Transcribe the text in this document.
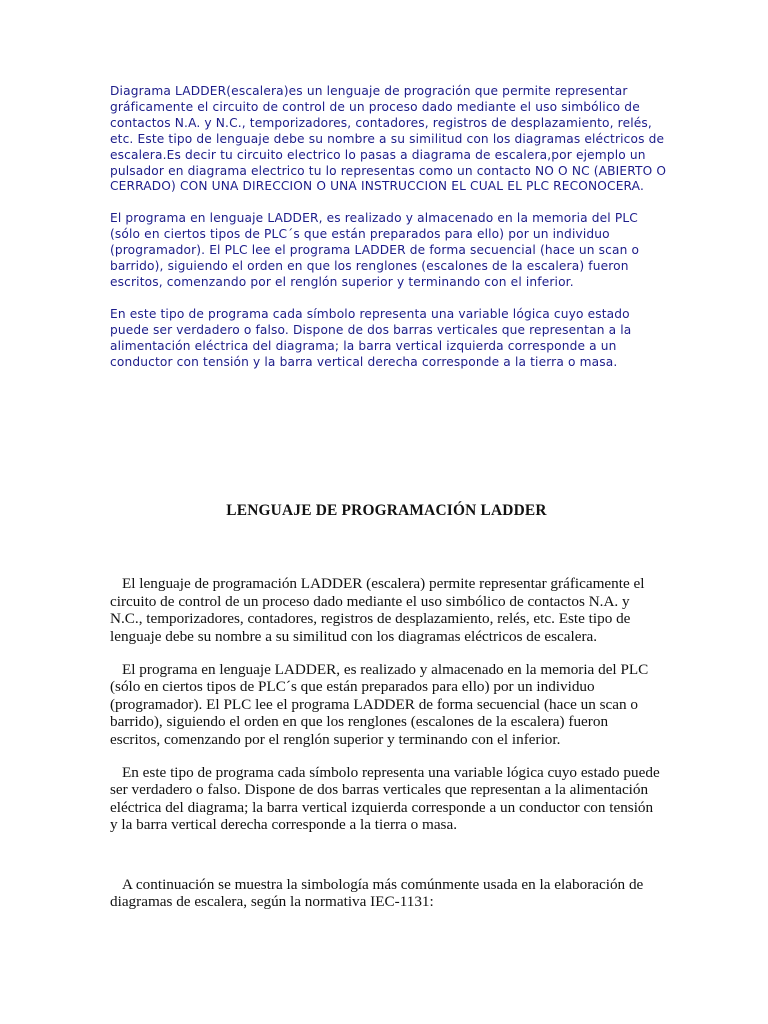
Diagrama LADDER(escalera)es un lenguaje de progración que permite representar gráficamente el circuito de control de un proceso dado mediante el uso simbólico de contactos N.A. y N.C., temporizadores, contadores, registros de desplazamiento, relés, etc. Este tipo de lenguaje debe su nombre a su similitud con los diagramas eléctricos de escalera.Es decir tu circuito electrico lo pasas a diagrama de escalera,por ejemplo un pulsador en diagrama electrico tu lo representas como un contacto NO O NC (ABIERTO O CERRADO) CON UNA DIRECCION O UNA INSTRUCCION EL CUAL EL PLC RECONOCERA.

El programa en lenguaje LADDER, es realizado y almacenado en la memoria del PLC (sólo en ciertos tipos de PLC´s que están preparados para ello) por un individuo (programador). El PLC lee el programa LADDER de forma secuencial (hace un scan o barrido), siguiendo el orden en que los renglones (escalones de la escalera) fueron escritos, comenzando por el renglón superior y terminando con el inferior.

En este tipo de programa cada símbolo representa una variable lógica cuyo estado puede ser verdadero o falso. Dispone de dos barras verticales que representan a la alimentación eléctrica del diagrama; la barra vertical izquierda corresponde a un conductor con tensión y la barra vertical derecha corresponde a la tierra o masa.

LENGUAJE DE PROGRAMACIÓN LADDER

El lenguaje de programación LADDER (escalera) permite representar gráficamente el circuito de control de un proceso dado mediante el uso simbólico de contactos N.A. y N.C., temporizadores, contadores, registros de desplazamiento, relés, etc. Este tipo de lenguaje debe su nombre a su similitud con los diagramas eléctricos de escalera.

El programa en lenguaje LADDER, es realizado y almacenado en la memoria del PLC (sólo en ciertos tipos de PLC´s que están preparados para ello) por un individuo (programador). El PLC lee el programa LADDER de forma secuencial (hace un scan o barrido), siguiendo el orden en que los renglones (escalones de la escalera) fueron escritos, comenzando por el renglón superior y terminando con el inferior.

En este tipo de programa cada símbolo representa una variable lógica cuyo estado puede ser verdadero o falso. Dispone de dos barras verticales que representan a la alimentación eléctrica del diagrama; la barra vertical izquierda corresponde a un conductor con tensión y la barra vertical derecha corresponde a la tierra o masa.

A continuación se muestra la simbología más comúnmente usada en la elaboración de diagramas de escalera, según la normativa IEC-1131:
